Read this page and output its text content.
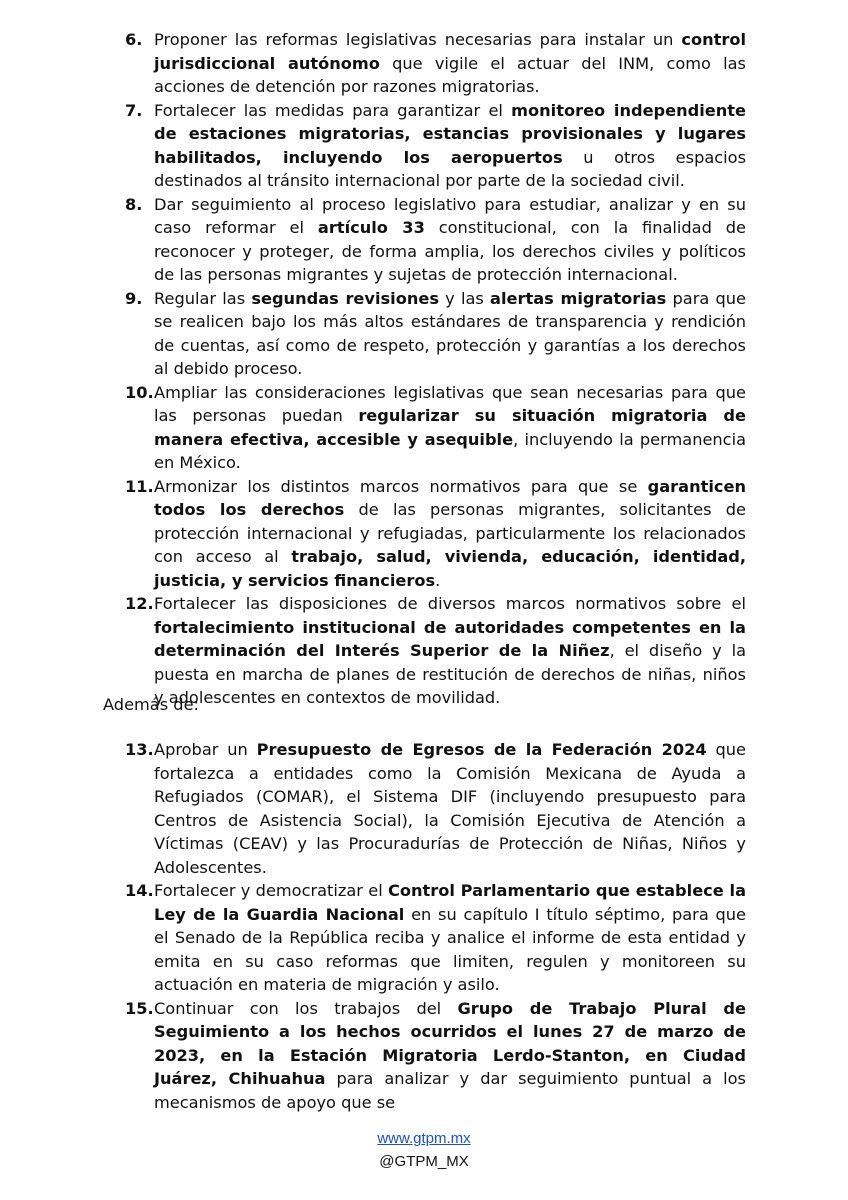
6. Proponer las reformas legislativas necesarias para instalar un control jurisdiccional autónomo que vigile el actuar del INM, como las acciones de detención por razones migratorias.
7. Fortalecer las medidas para garantizar el monitoreo independiente de estaciones migratorias, estancias provisionales y lugares habilitados, incluyendo los aeropuertos u otros espacios destinados al tránsito internacional por parte de la sociedad civil.
8. Dar seguimiento al proceso legislativo para estudiar, analizar y en su caso reformar el artículo 33 constitucional, con la finalidad de reconocer y proteger, de forma amplia, los derechos civiles y políticos de las personas migrantes y sujetas de protección internacional.
9. Regular las segundas revisiones y las alertas migratorias para que se realicen bajo los más altos estándares de transparencia y rendición de cuentas, así como de respeto, protección y garantías a los derechos al debido proceso.
10. Ampliar las consideraciones legislativas que sean necesarias para que las personas puedan regularizar su situación migratoria de manera efectiva, accesible y asequible, incluyendo la permanencia en México.
11. Armonizar los distintos marcos normativos para que se garanticen todos los derechos de las personas migrantes, solicitantes de protección internacional y refugiadas, particularmente los relacionados con acceso al trabajo, salud, vivienda, educación, identidad, justicia, y servicios financieros.
12. Fortalecer las disposiciones de diversos marcos normativos sobre el fortalecimiento institucional de autoridades competentes en la determinación del Interés Superior de la Niñez, el diseño y la puesta en marcha de planes de restitución de derechos de niñas, niños y adolescentes en contextos de movilidad.
Además de:
13. Aprobar un Presupuesto de Egresos de la Federación 2024 que fortalezca a entidades como la Comisión Mexicana de Ayuda a Refugiados (COMAR), el Sistema DIF (incluyendo presupuesto para Centros de Asistencia Social), la Comisión Ejecutiva de Atención a Víctimas (CEAV) y las Procuradurías de Protección de Niñas, Niños y Adolescentes.
14. Fortalecer y democratizar el Control Parlamentario que establece la Ley de la Guardia Nacional en su capítulo I título séptimo, para que el Senado de la República reciba y analice el informe de esta entidad y emita en su caso reformas que limiten, regulen y monitoreen su actuación en materia de migración y asilo.
15. Continuar con los trabajos del Grupo de Trabajo Plural de Seguimiento a los hechos ocurridos el lunes 27 de marzo de 2023, en la Estación Migratoria Lerdo-Stanton, en Ciudad Juárez, Chihuahua para analizar y dar seguimiento puntual a los mecanismos de apoyo que se
www.gtpm.mx
@GTPM_MX
